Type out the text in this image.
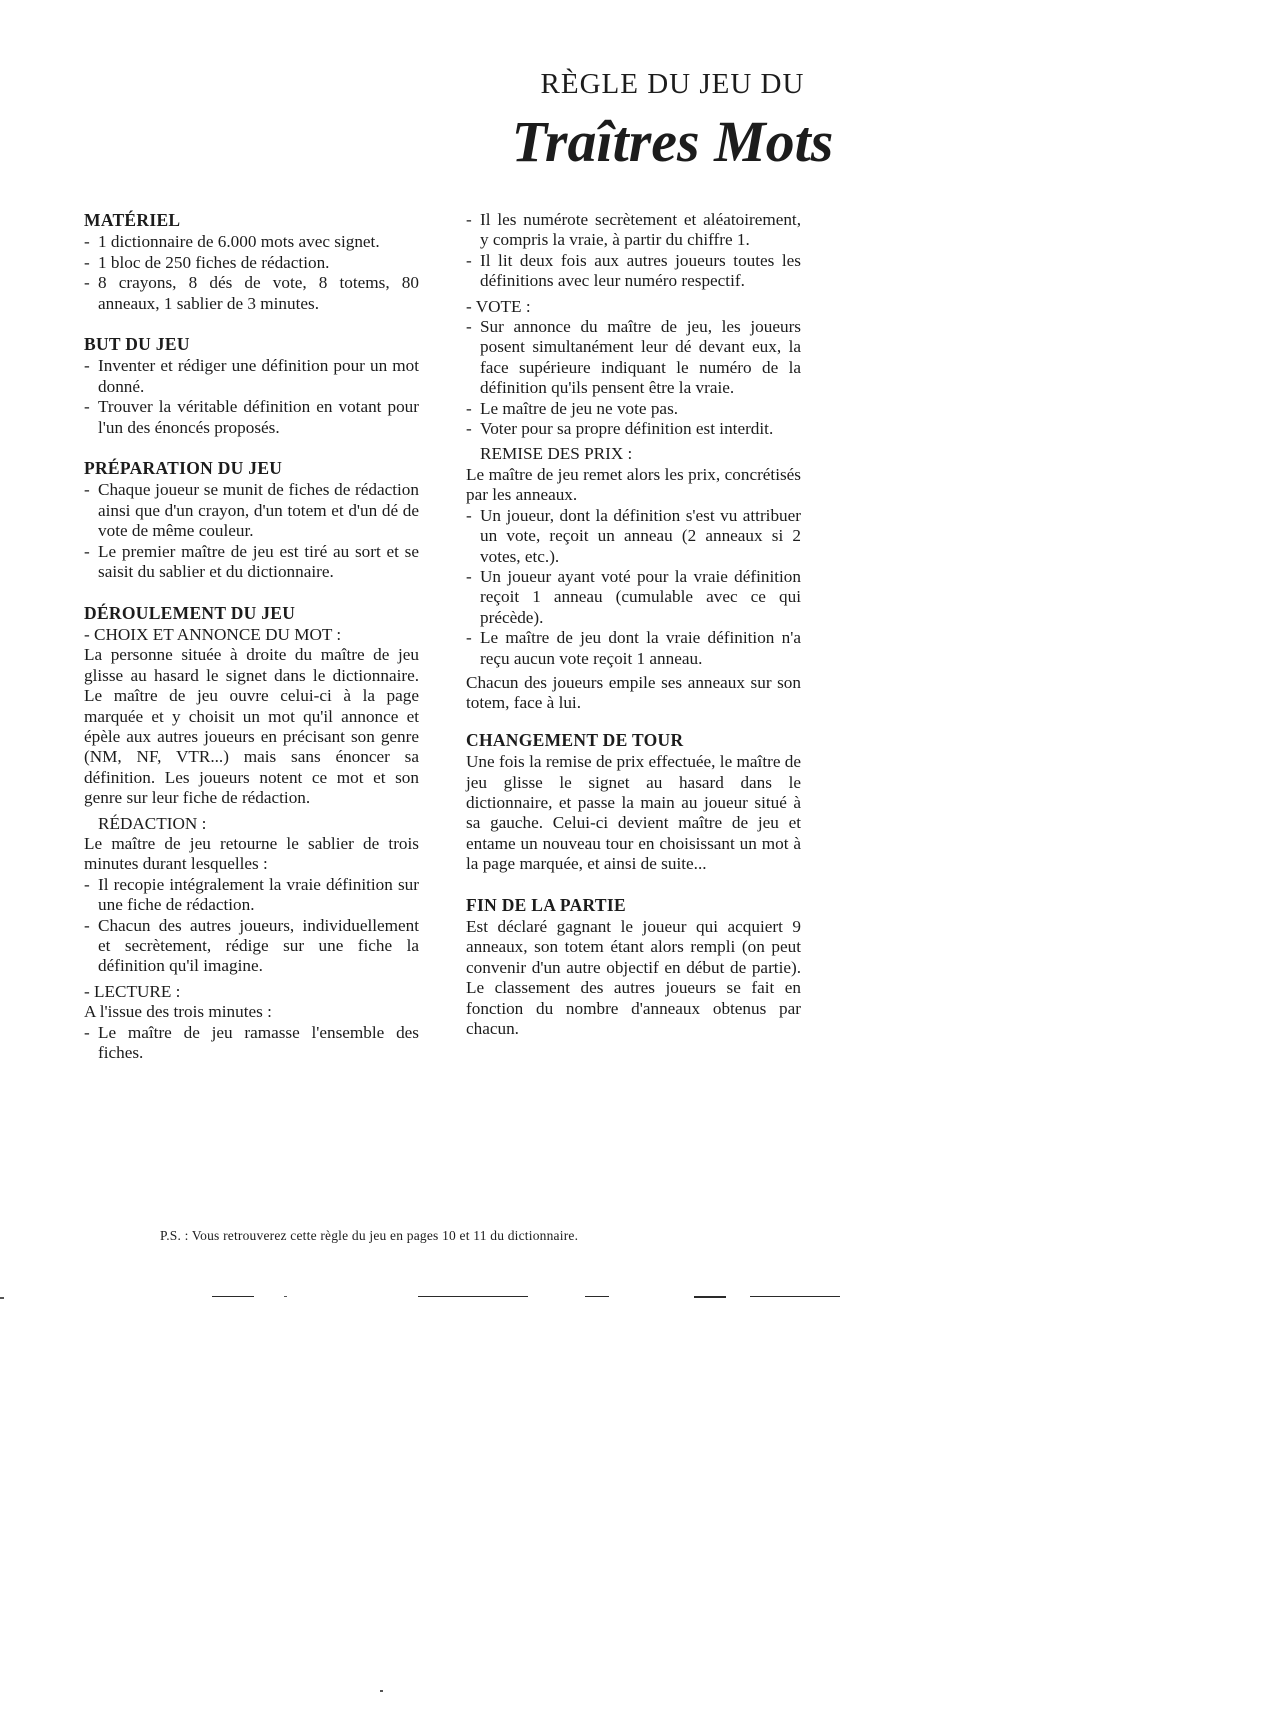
RÈGLE DU JEU DU
Traîtres Mots
MATÉRIEL
- 1 dictionnaire de 6.000 mots avec signet.
- 1 bloc de 250 fiches de rédaction.
- 8 crayons, 8 dés de vote, 8 totems, 80 anneaux, 1 sablier de 3 minutes.
BUT DU JEU
- Inventer et rédiger une définition pour un mot donné.
- Trouver la véritable définition en votant pour l'un des énoncés proposés.
PRÉPARATION DU JEU
- Chaque joueur se munit de fiches de rédaction ainsi que d'un crayon, d'un totem et d'un dé de vote de même couleur.
- Le premier maître de jeu est tiré au sort et se saisit du sablier et du dictionnaire.
DÉROULEMENT DU JEU
- CHOIX ET ANNONCE DU MOT :

La personne située à droite du maître de jeu glisse au hasard le signet dans le dictionnaire. Le maître de jeu ouvre celui-ci à la page marquée et y choisit un mot qu'il annonce et épèle aux autres joueurs en précisant son genre (NM, NF, VTR...) mais sans énoncer sa définition. Les joueurs notent ce mot et son genre sur leur fiche de rédaction.

RÉDACTION :

Le maître de jeu retourne le sablier de trois minutes durant lesquelles :

- Il recopie intégralement la vraie définition sur une fiche de rédaction.
- Chacun des autres joueurs, individuellement et secrètement, rédige sur une fiche la définition qu'il imagine.
- LECTURE :

A l'issue des trois minutes :

- Le maître de jeu ramasse l'ensemble des fiches.
- Il les numérote secrètement et aléatoirement, y compris la vraie, à partir du chiffre 1.
- Il lit deux fois aux autres joueurs toutes les définitions avec leur numéro respectif.
- VOTE :
- Sur annonce du maître de jeu, les joueurs posent simultanément leur dé devant eux, la face supérieure indiquant le numéro de la définition qu'ils pensent être la vraie.
- Le maître de jeu ne vote pas.
- Voter pour sa propre définition est interdit.
REMISE DES PRIX :

Le maître de jeu remet alors les prix, concrétisés par les anneaux.

- Un joueur, dont la définition s'est vu attribuer un vote, reçoit un anneau (2 anneaux si 2 votes, etc.).
- Un joueur ayant voté pour la vraie définition reçoit 1 anneau (cumulable avec ce qui précède).
- Le maître de jeu dont la vraie définition n'a reçu aucun vote reçoit 1 anneau.

Chacun des joueurs empile ses anneaux sur son totem, face à lui.

CHANGEMENT DE TOUR

Une fois la remise de prix effectuée, le maître de jeu glisse le signet au hasard dans le dictionnaire, et passe la main au joueur situé à sa gauche. Celui-ci devient maître de jeu et entame un nouveau tour en choisissant un mot à la page marquée, et ainsi de suite...

FIN DE LA PARTIE

Est déclaré gagnant le joueur qui acquiert 9 anneaux, son totem étant alors rempli (on peut convenir d'un autre objectif en début de partie). Le classement des autres joueurs se fait en fonction du nombre d'anneaux obtenus par chacun.

P.S. : Vous retrouverez cette règle du jeu en pages 10 et 11 du dictionnaire.
